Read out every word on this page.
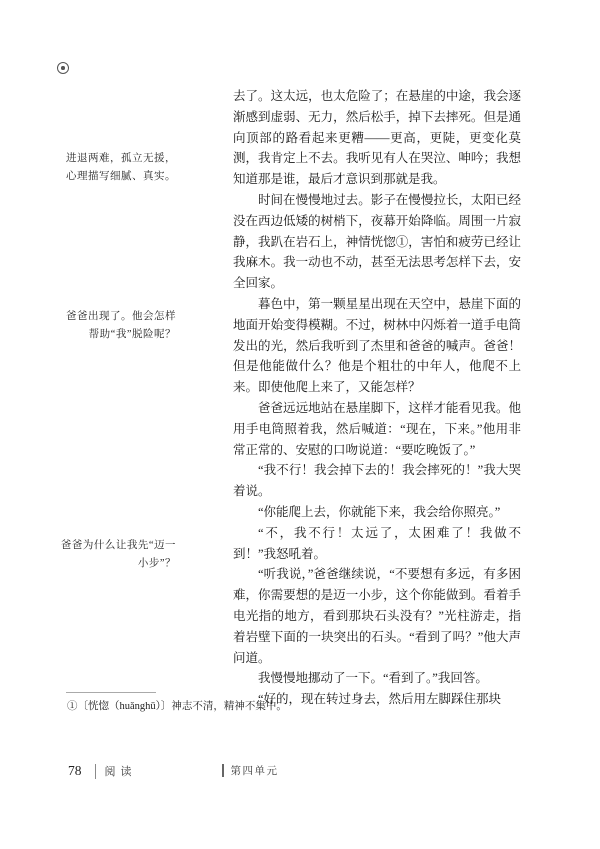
进退两难，孤立无援，心理描写细腻、真实。
爸爸出现了。他会怎样帮助“我”脱险呢？
爸爸为什么让我先“迈一小步”？

去了。这太远，也太危险了；在悬崖的中途，我会逐渐感到虚弱、无力，然后松手，掉下去摔死。但是通向顶部的路看起来更糟——更高，更陡，更变化莫测，我肯定上不去。我听见有人在哭泣、呻吟；我想知道那是谁，最后才意识到那就是我。

时间在慢慢地过去。影子在慢慢拉长，太阳已经没在西边低矮的树梢下，夜幕开始降临。周围一片寂静，我趴在岩石上，神情恍惚①，害怕和疲劳已经让我麻木。我一动也不动，甚至无法思考怎样下去，安全回家。

暮色中，第一颗星星出现在天空中，悬崖下面的地面开始变得模糊。不过，树林中闪烁着一道手电筒发出的光，然后我听到了杰里和爸爸的喊声。爸爸！但是他能做什么？他是个粗壮的中年人，他爬不上来。即使他爬上来了，又能怎样？

爸爸远远地站在悬崖脚下，这样才能看见我。他用手电筒照着我，然后喊道：“现在，下来。”他用非常正常的、安慰的口吻说道：“要吃晚饭了。”

“我不行！我会掉下去的！我会摔死的！”我大哭着说。

“你能爬上去，你就能下来，我会给你照亮。”

“不，我不行！太远了，太困难了！我做不到！”我怒吼着。

“听我说，”爸爸继续说，“不要想有多远，有多困难，你需要想的是迈一小步，这个你能做到。看着手电光指的地方，看到那块石头没有？”光柱游走，指着岩壁下面的一块突出的石头。“看到了吗？”他大声问道。

我慢慢地挪动了一下。“看到了。”我回答。

“好的，现在转过身去，然后用左脚踩住那块

①〔恍惚（huǎnghū）〕神志不清，精神不集中。
78 阅读	第四单元
